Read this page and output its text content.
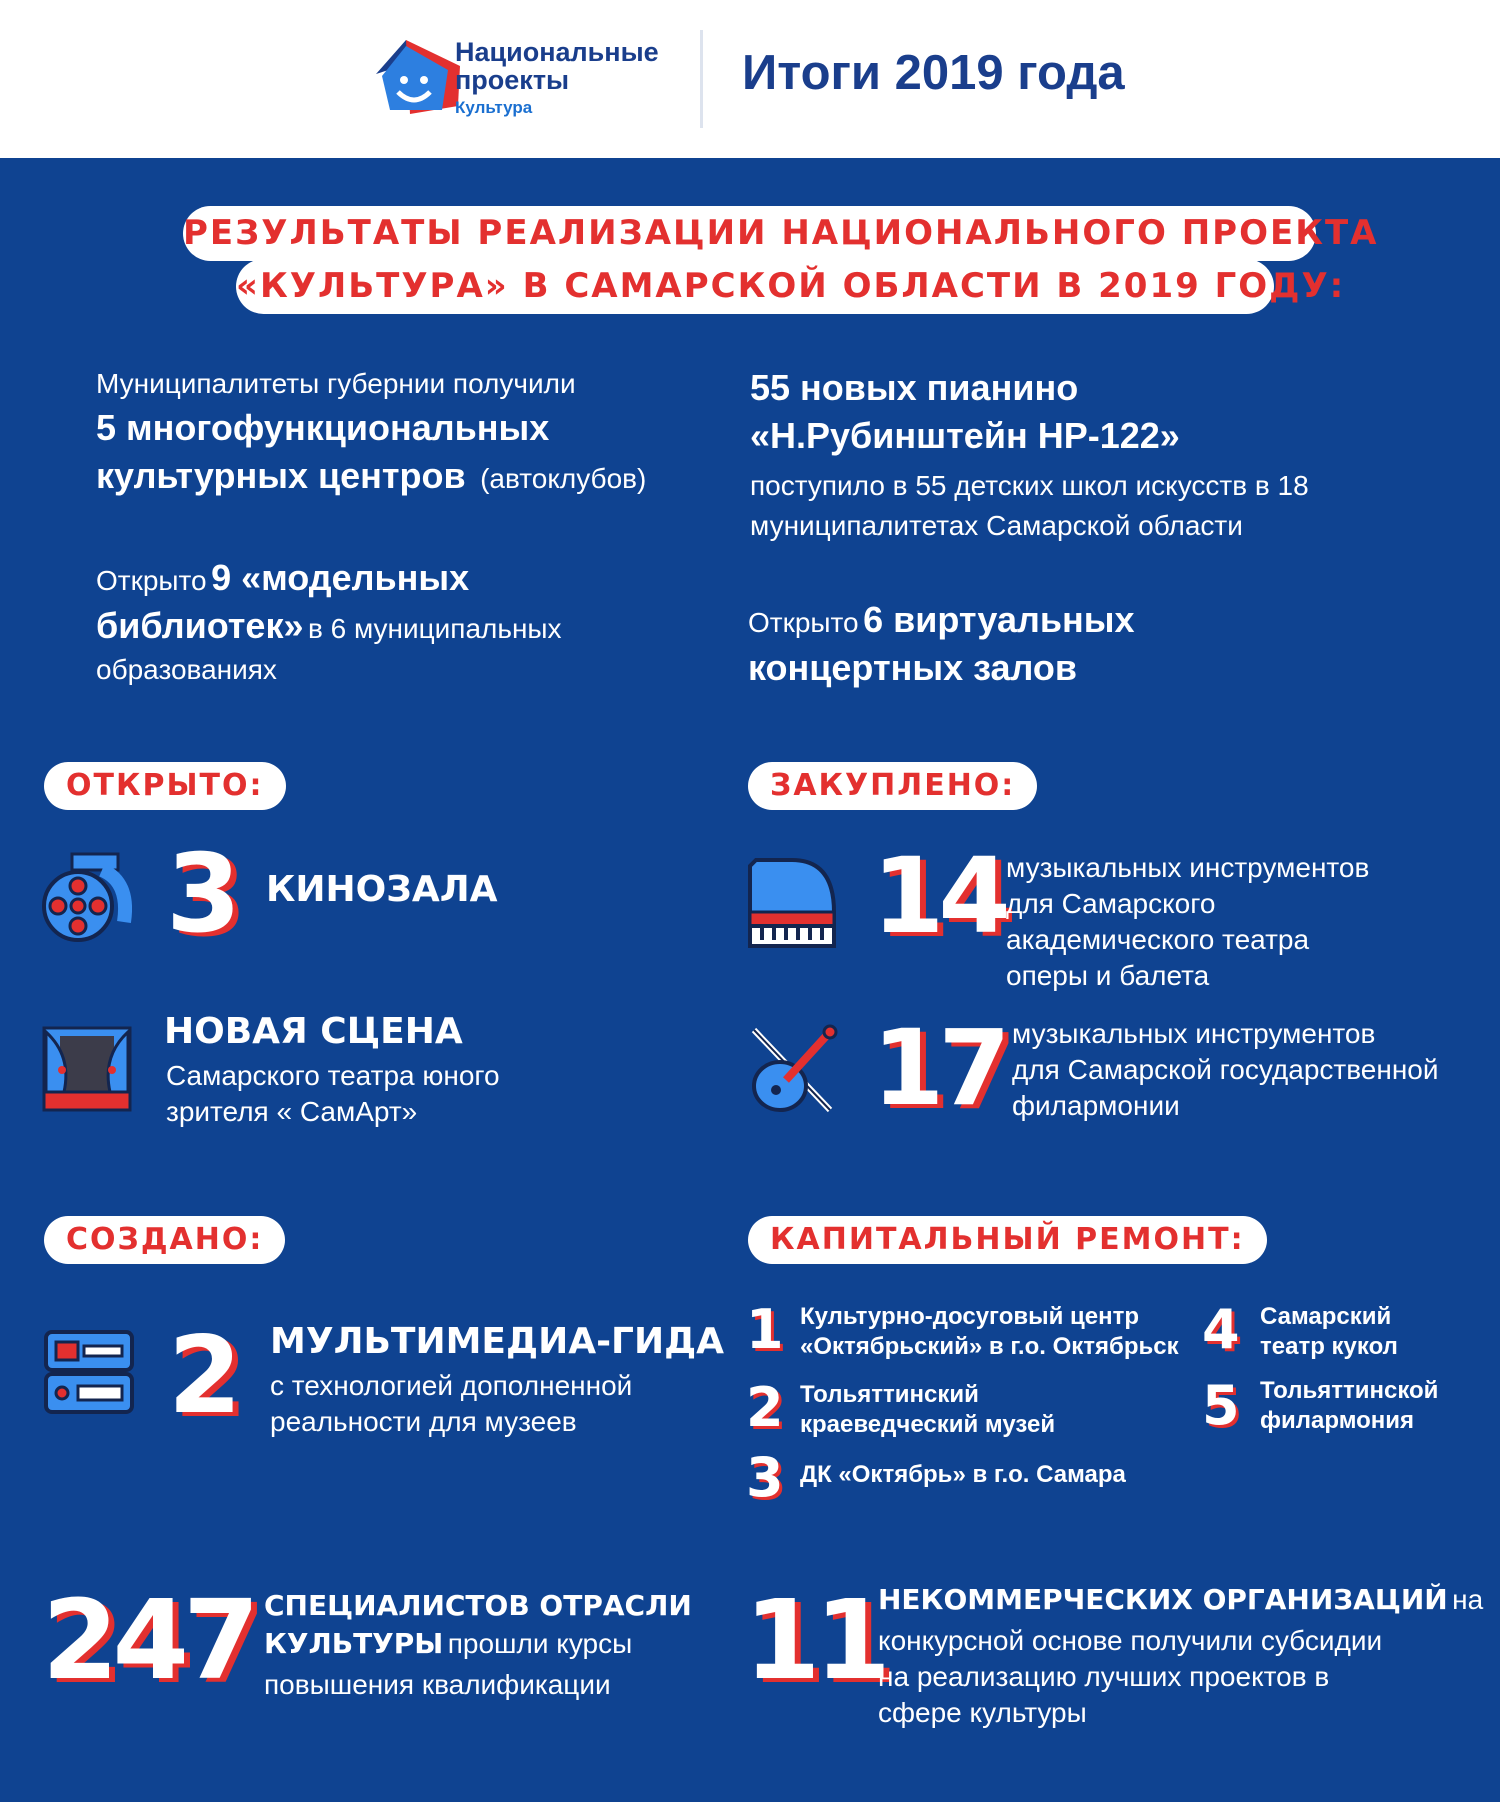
Национальные
проекты
Культура
Итоги 2019 года
РЕЗУЛЬТАТЫ РЕАЛИЗАЦИИ НАЦИОНАЛЬНОГО ПРОЕКТА
«КУЛЬТУРА» В САМАРСКОЙ ОБЛАСТИ В 2019 ГОДУ:
Муниципалитеты губернии получили
5 многофункциональных
культурных центров (автоклубов)
Открыто 9 «модельных
библиотек» в 6 муниципальных
образованиях
55 новых пианино
«Н.Рубинштейн HP-122»
поступило в 55 детских школ искусств в 18
муниципалитетах Самарской области
Открыто 6 виртуальных
концертных залов
ОТКРЫТО:	ЗАКУПЛЕНО:
СОЗДАНО:	КАПИТАЛЬНЫЙ РЕМОНТ:
3 КИНОЗАЛА
НОВАЯ СЦЕНА
Самарского театра юного
зрителя « СамАрт»
14 музыкальных инструментов
для Самарского
академического театра
оперы и балета
17 музыкальных инструментов
для Самарской государственной
филармонии
2 МУЛЬТИМЕДИА-ГИДА
с технологией дополненной
реальности для музеев
1 Культурно-досуговый центр
«Октябрьский» в г.о. Октябрьск
2 Тольяттинский
краеведческий музей
3 ДК «Октябрь» в г.о. Самара
4 Самарский
театр кукол
5 Тольяттинской
филармония
247 СПЕЦИАЛИСТОВ ОТРАСЛИ
КУЛЬТУРЫ прошли курсы
повышения квалификации	11
НЕКОММЕРЧЕСКИХ ОРГАНИЗАЦИЙ на
конкурсной основе получили субсидии
на реализацию лучших проектов в
сфере культуры
